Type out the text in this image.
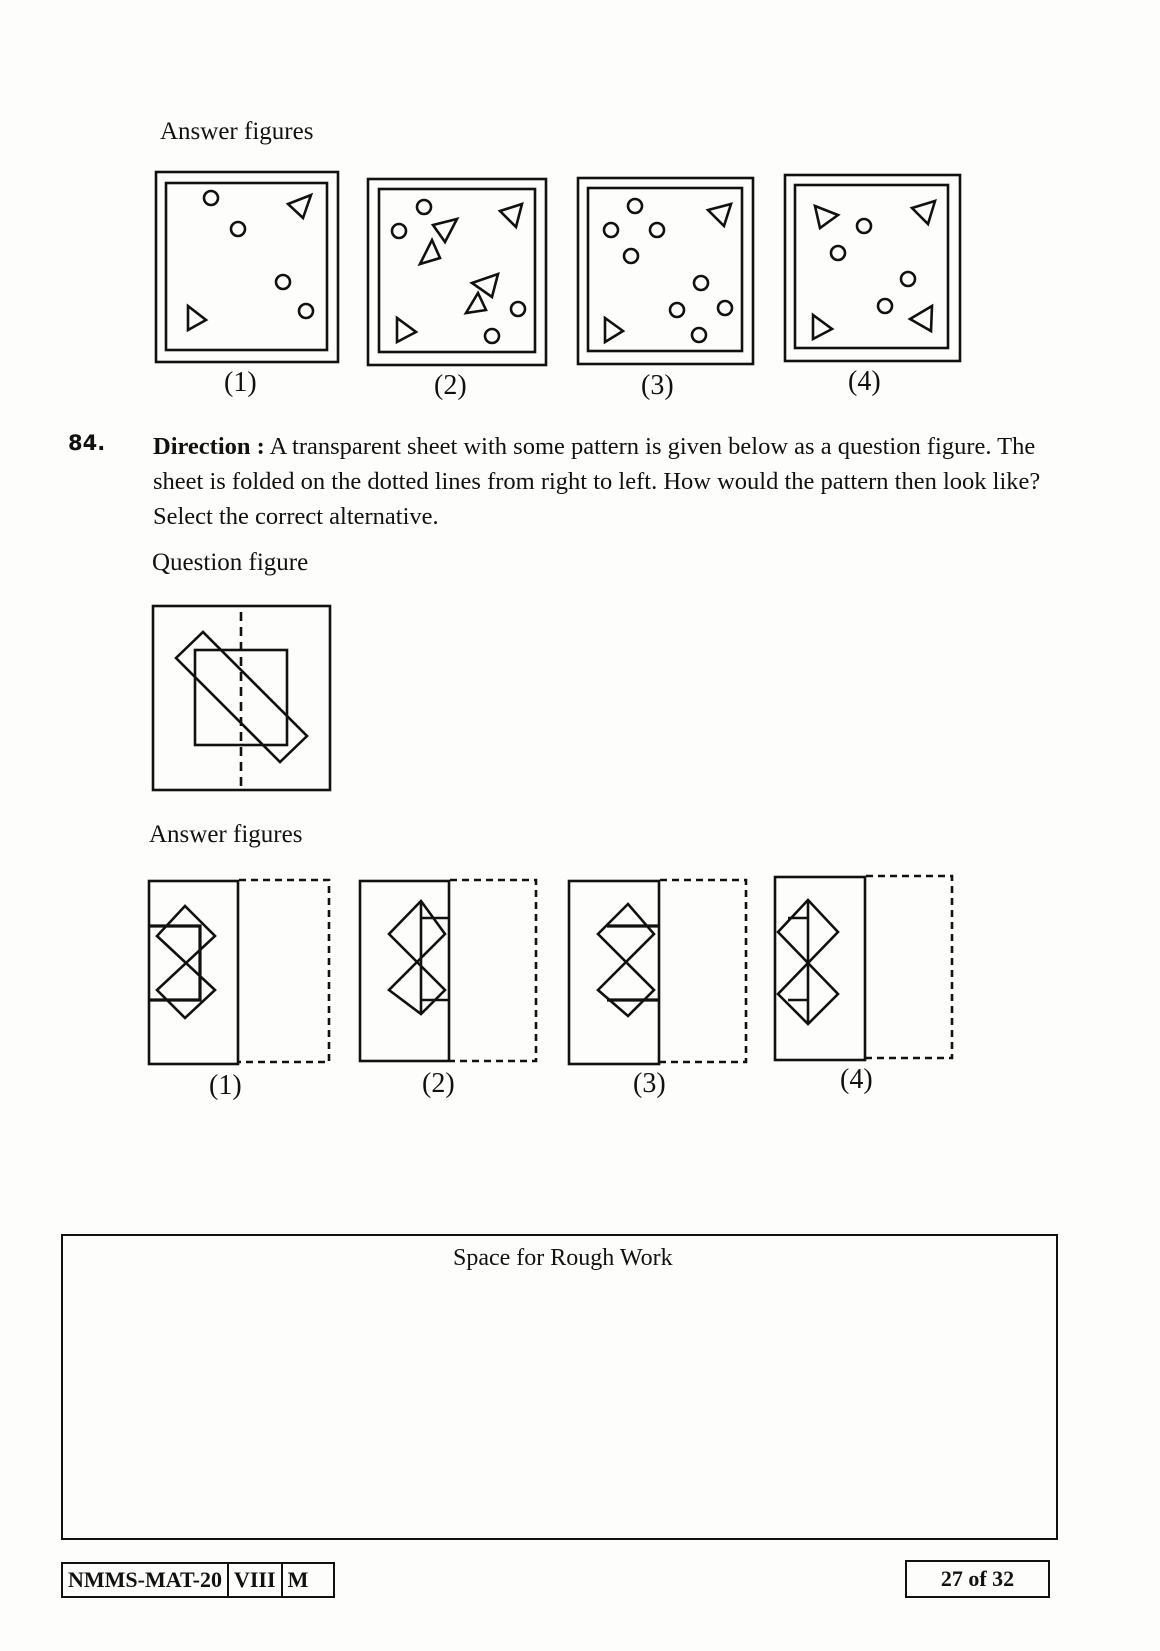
Answer figures
(1)	(2)	(3)	(4)
84. Direction : A transparent sheet with some pattern is given below as a question figure. The
sheet is folded on the dotted lines from right to left. How would the pattern then look like?
Select the correct alternative.
Question figure
Answer figures
(1)	(2)	(3)	(4)
Space for Rough Work
NMMS-MAT-20 VIII M	27 of 32
